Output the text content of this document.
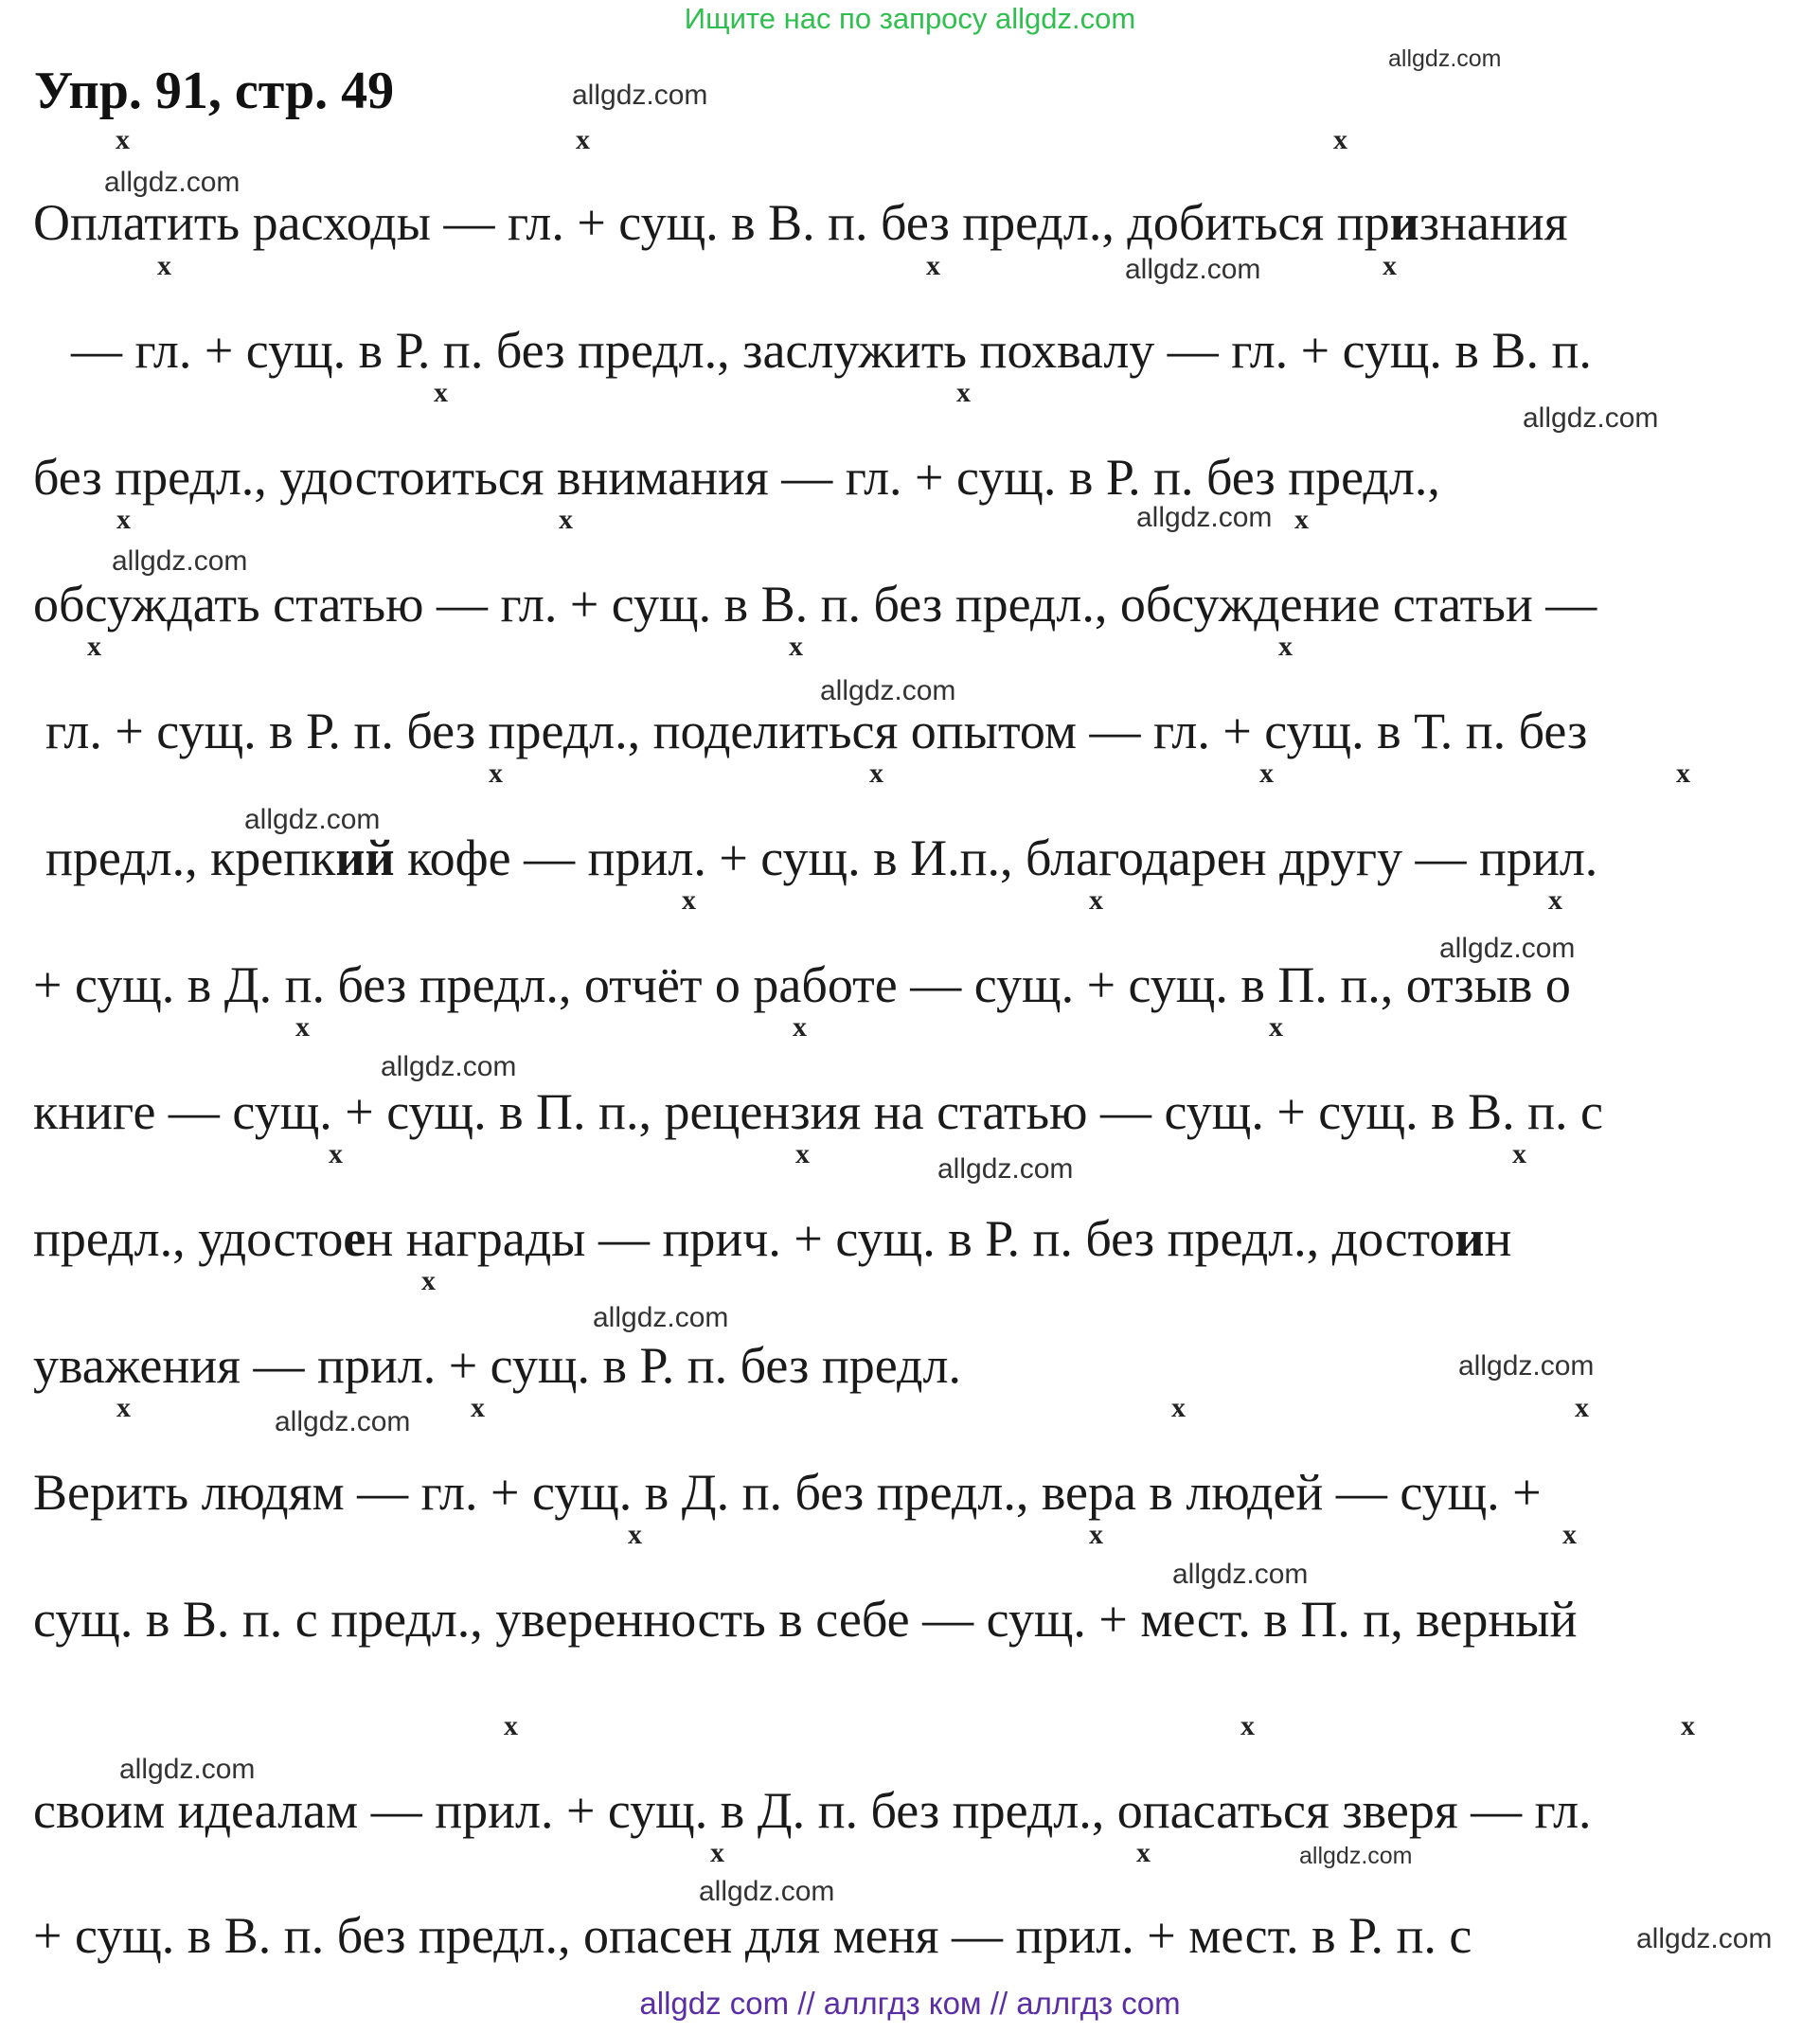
Ищите нас по запросу allgdz.com
Упр. 91, стр. 49
Оплатить расходы — гл. + сущ. в В. п. без предл., добиться признания
— гл. + сущ. в Р. п. без предл., заслужить похвалу — гл. + сущ. в В. п.
без предл., удостоиться внимания — гл. + сущ. в Р. п. без предл.,
обсуждать статью — гл. + сущ. в В. п. без предл., обсуждение статьи —
гл. + сущ. в Р. п. без предл., поделиться опытом — гл. + сущ. в Т. п. без
предл., крепкий кофе — прил. + сущ. в И.п., благодарен другу — прил.
+ сущ. в Д. п. без предл., отчёт о работе — сущ. + сущ. в П. п., отзыв о
книге — сущ. + сущ. в П. п., рецензия на статью — сущ. + сущ. в В. п. с
предл., удостоен награды — прич. + сущ. в Р. п. без предл., достоин
уважения — прил. + сущ. в Р. п. без предл.
Верить людям — гл. + сущ. в Д. п. без предл., вера в людей — сущ. +
сущ. в В. п. с предл., уверенность в себе — сущ. + мест. в П. п, верный
своим идеалам — прил. + сущ. в Д. п. без предл., опасаться зверя — гл.
+ сущ. в В. п. без предл., опасен для меня — прил. + мест. в Р. п. с
x	x	x
x	x	x
x	x
x	x	x
x	x	x
x	x	x	x
x	x	x
x	x	x
x	x	x
x
x	x	x	x
x	x	x
x	x	x
x	x
allgdz.com
allgdz.com
allgdz.com
allgdz.com
allgdz.com
allgdz.com
allgdz.com
allgdz.com
allgdz.com
allgdz.com
allgdz.com
allgdz.com
allgdz.com
allgdz.com
allgdz.com
allgdz.com
allgdz.com
allgdz.com
allgdz.com
allgdz.com
allgdz com // аллгдз ком // аллгдз com
